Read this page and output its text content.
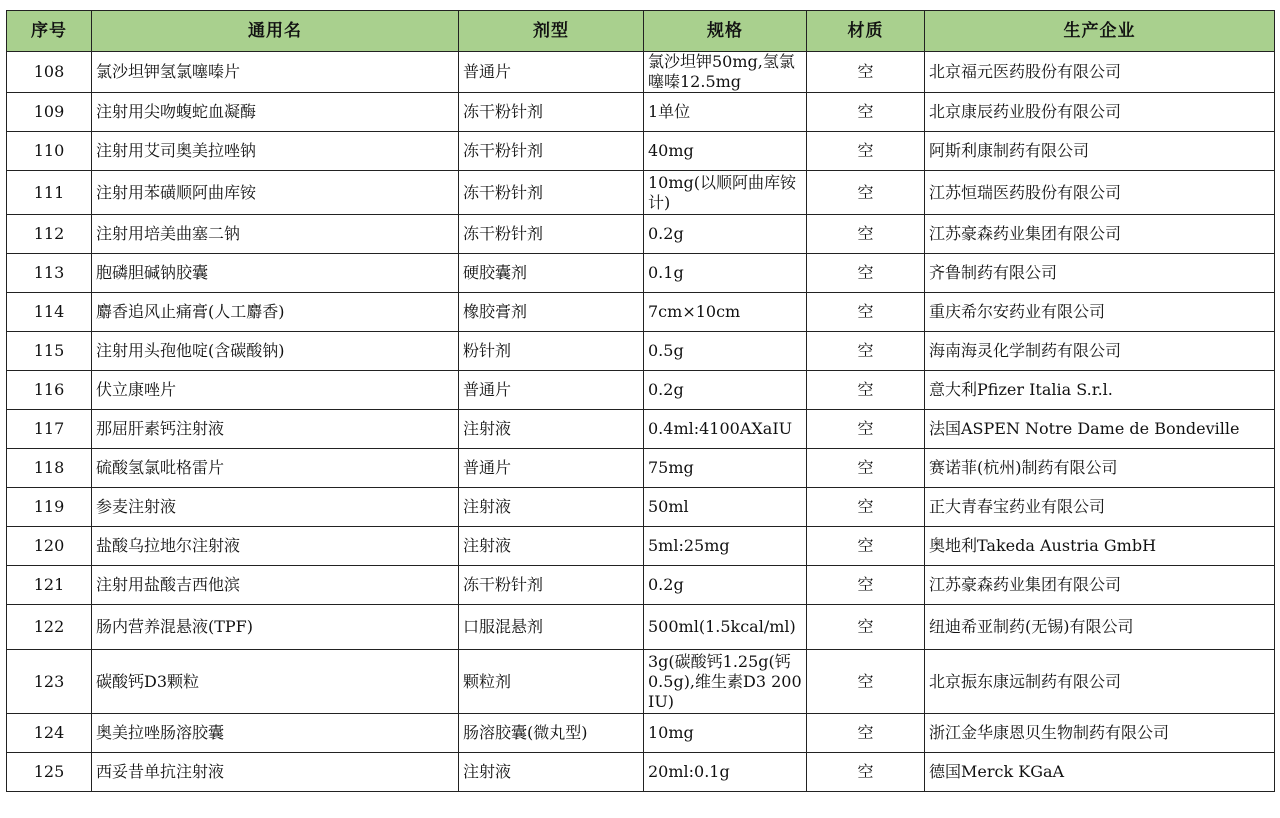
序号	通用名	剂型	规格	材质	生产企业
108	氯沙坦钾氢氯噻嗪片	普通片	氯沙坦钾50mg,氢氯噻嗪12.5mg	空	北京福元医药股份有限公司
109	注射用尖吻蝮蛇血凝酶	冻干粉针剂	1单位	空	北京康辰药业股份有限公司
110	注射用艾司奥美拉唑钠	冻干粉针剂	40mg	空	阿斯利康制药有限公司
111	注射用苯磺顺阿曲库铵	冻干粉针剂	10mg(以顺阿曲库铵计)	空	江苏恒瑞医药股份有限公司
112	注射用培美曲塞二钠	冻干粉针剂	0.2g	空	江苏豪森药业集团有限公司
113	胞磷胆碱钠胶囊	硬胶囊剂	0.1g	空	齐鲁制药有限公司
114	麝香追风止痛膏(人工麝香)	橡胶膏剂	7cm×10cm	空	重庆希尔安药业有限公司
115	注射用头孢他啶(含碳酸钠)	粉针剂	0.5g	空	海南海灵化学制药有限公司
116	伏立康唑片	普通片	0.2g	空	意大利Pfizer Italia S.r.l.
117	那屈肝素钙注射液	注射液	0.4ml:4100AXaIU	空	法国ASPEN Notre Dame de Bondeville
118	硫酸氢氯吡格雷片	普通片	75mg	空	赛诺菲(杭州)制药有限公司
119	参麦注射液	注射液	50ml	空	正大青春宝药业有限公司
120	盐酸乌拉地尔注射液	注射液	5ml:25mg	空	奥地利Takeda Austria GmbH
121	注射用盐酸吉西他滨	冻干粉针剂	0.2g	空	江苏豪森药业集团有限公司
122	肠内营养混悬液(TPF)	口服混悬剂	500ml(1.5kcal/ml)	空	纽迪希亚制药(无锡)有限公司
123	碳酸钙D3颗粒	颗粒剂	3g(碳酸钙1.25g(钙0.5g),维生素D3 200IU)	空	北京振东康远制药有限公司
124	奥美拉唑肠溶胶囊	肠溶胶囊(微丸型)	10mg	空	浙江金华康恩贝生物制药有限公司
125	西妥昔单抗注射液	注射液	20ml:0.1g	空	德国Merck KGaA
